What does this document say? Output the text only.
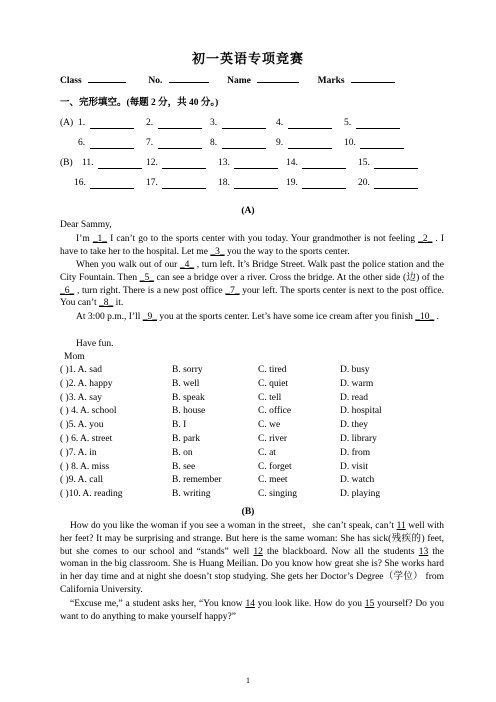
初一英语专项竞赛
Class	No.	Name	Marks
一、完形填空。(每题 2 分，共 40 分。)
(A) 1.	2.	3.	4.	5.
6.	7.	8.	9.	10.
(B) 11.	12.	13.	14.	15.
16.	17.	18.	19.	20.
(A)
Dear Sammy,
I’m _1_ I can’t go to the sports center with you today. Your grandmother is not feeling _2_ . I have to take her to the hospital. Let me _3_ you the way to the sports center.
When you walk out of our _4_ , turn left. It’s Bridge Street. Walk past the police station and the City Fountain. Then _5_ can see a bridge over a river. Cross the bridge. At the other side (边) of the _6_ , turn right. There is a new post office _7_ your left. The sports center is next to the post office. You can’t _8_ it.
At 3:00 p.m., I’ll _9_ you at the sports center. Let’s have some ice cream after you finish _10_ .
Have fun.
Mom
( )1. A. sad	B. sorry	C. tired	D. busy
( )2. A. happy	B. well	C. quiet	D. warm
( )3. A. say	B. speak	C. tell	D. read
( ) 4. A. school	B. house	C. office	D. hospital
( )5. A. you	B. I	C. we	D. they
( ) 6. A. street	B. park	C. river	D. library
( )7. A. in	B. on	C. at	D. from
( ) 8. A. miss	B. see	C. forget	D. visit
( )9. A. call	B. remember	C. meet	D. watch
( )10. A. reading	B. writing	C. singing	D. playing
(B)
How do you like the woman if you see a woman in the street，she can’t speak, can’t 11 well with her feet? It may be surprising and strange. But here is the same woman: She has sick(残疾的) feet, but she comes to our school and “stands” well 12 the blackboard. Now all the students 13 the woman in the big classroom. She is Huang Meilian. Do you know how great she is? She works hard in her day time and at night she doesn’t stop studying. She gets her Doctor’s Degree（学位） from California University.
“Excuse me,” a student asks her, “You know 14 you look like. How do you 15 yourself? Do you want to do anything to make yourself happy?”
1
